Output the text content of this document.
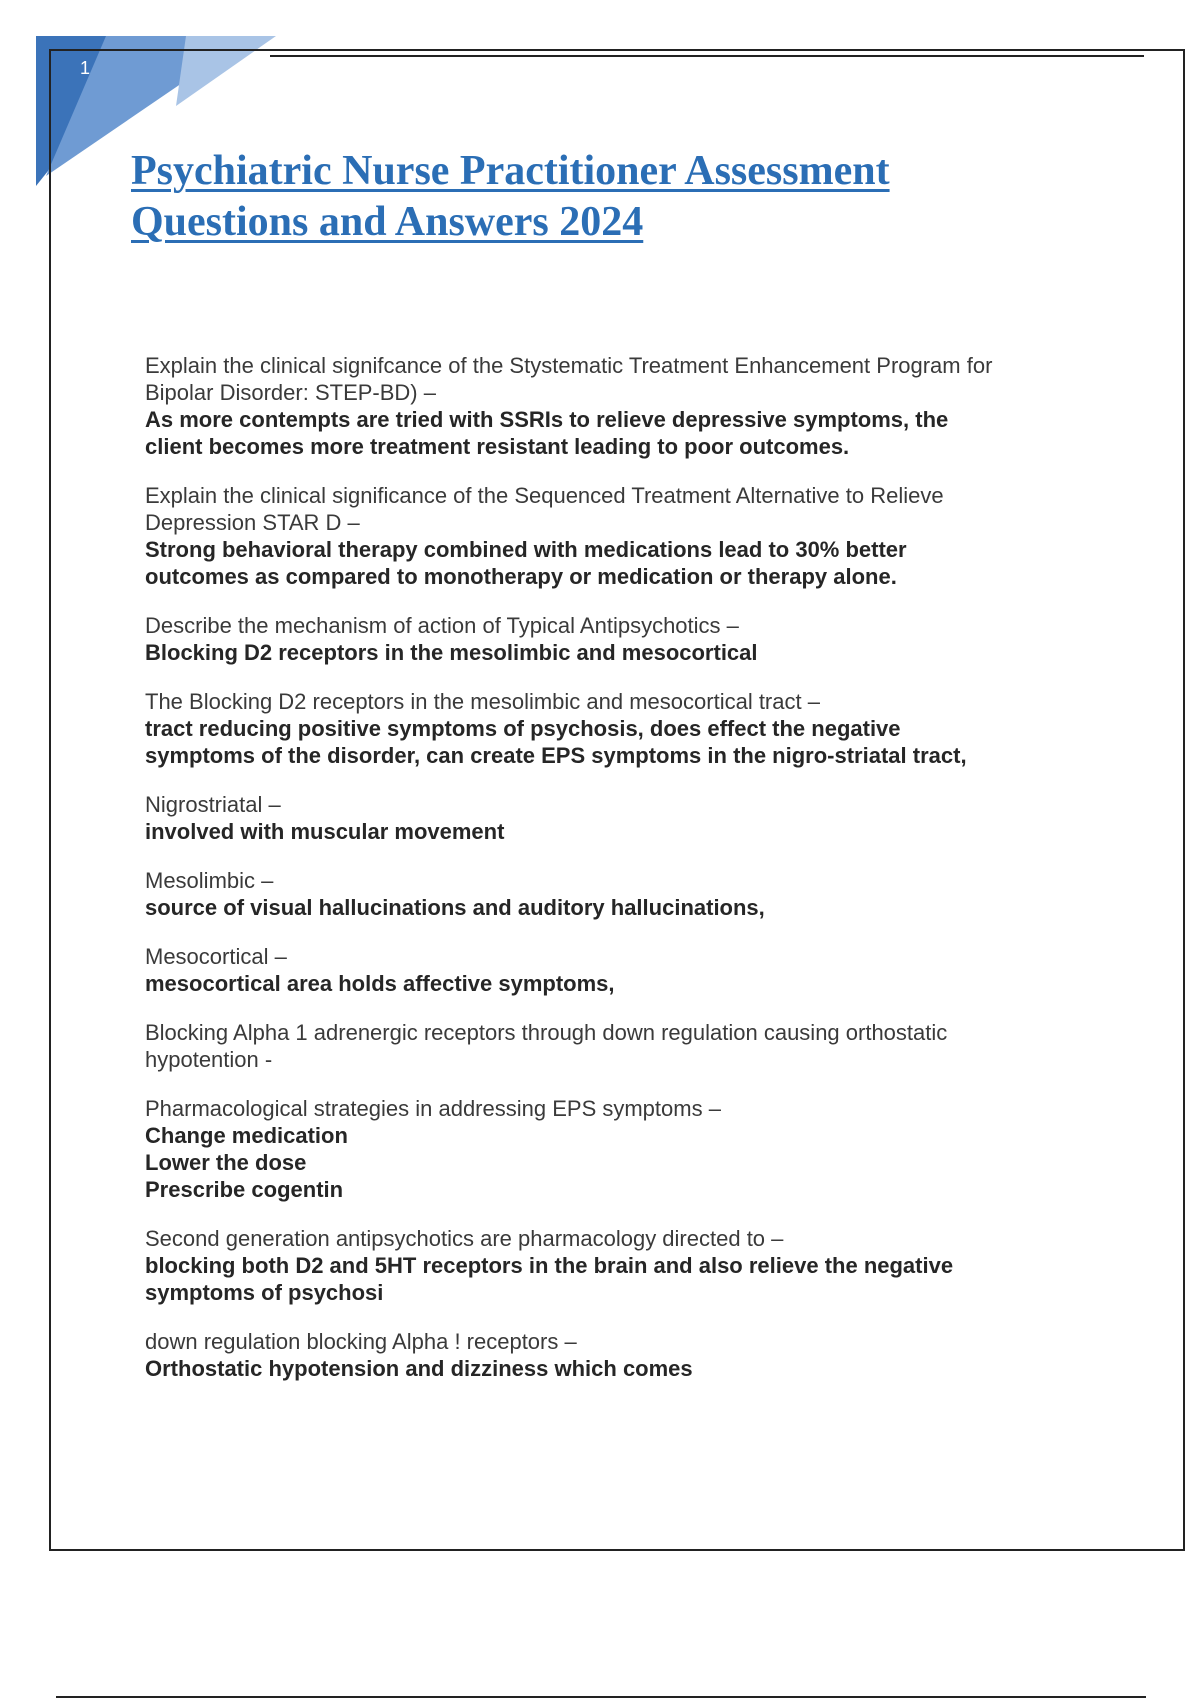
1
Psychiatric Nurse Practitioner Assessment Questions and Answers 2024
Explain the clinical signifcance of the Stystematic Treatment Enhancement Program for
Bipolar Disorder: STEP-BD) –
As more contempts are tried with SSRIs to relieve depressive symptoms, the
client becomes more treatment resistant leading to poor outcomes.
Explain the clinical significance of the Sequenced Treatment Alternative to Relieve
Depression STAR D –
Strong behavioral therapy combined with medications lead to 30% better
outcomes as compared to monotherapy or medication or therapy alone.
Describe the mechanism of action of Typical Antipsychotics –
Blocking D2 receptors in the mesolimbic and mesocortical
The Blocking D2 receptors in the mesolimbic and mesocortical tract –
tract reducing positive symptoms of psychosis, does effect the negative
symptoms of the disorder, can create EPS symptoms in the nigro-striatal tract,
Nigrostriatal –
involved with muscular movement
Mesolimbic –
source of visual hallucinations and auditory hallucinations,
Mesocortical –
mesocortical area holds affective symptoms,
Blocking Alpha 1 adrenergic receptors through down regulation causing orthostatic
hypotention -
Pharmacological strategies in addressing EPS symptoms –
Change medication
Lower the dose
Prescribe cogentin
Second generation antipsychotics are pharmacology directed to –
blocking both D2 and 5HT receptors in the brain and also relieve the negative
symptoms of psychosi
down regulation blocking Alpha ! receptors –
Orthostatic hypotension and dizziness which comes
